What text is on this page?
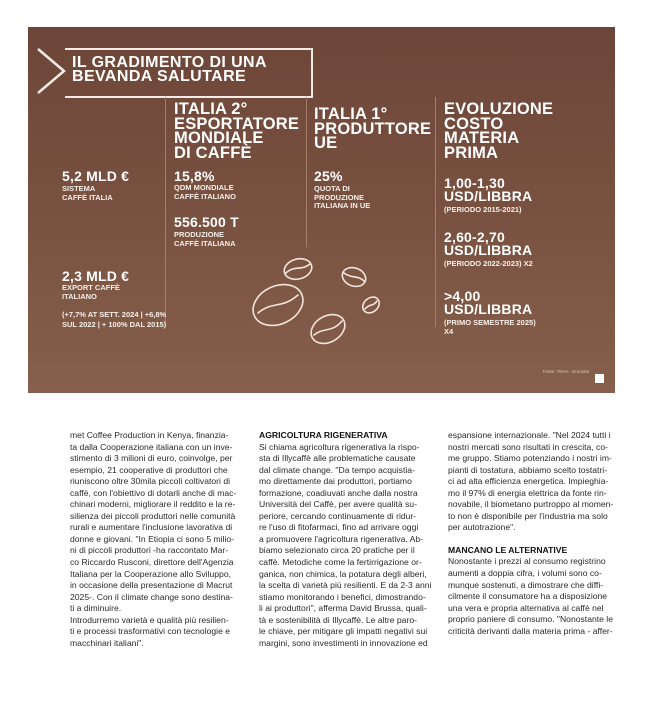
IL GRADIMENTO DI UNA
BEVANDA SALUTARE
5,2 MLD €
SISTEMA
CAFFÈ ITALIA
2,3 MLD €
EXPORT CAFFÈ
ITALIANO
(+7,7% AT SETT. 2024 | +6,8%
SUL 2022 | + 100% DAL 2015)
ITALIA 2°
ESPORTATORE
MONDIALE
DI CAFFÈ
15,8%
QDM MONDIALE
CAFFÈ ITALIANO
556.500 T
PRODUZIONE
CAFFÈ ITALIANA
ITALIA 1°
PRODUTTORE
UE
25%
QUOTA DI
PRODUZIONE
ITALIANA IN UE
EVOLUZIONE
COSTO
MATERIA
PRIMA
1,00-1,30
USD/LIBBRA
(PERIODO 2015-2021)
2,60-2,70
USD/LIBBRA
(PERIODO 2022-2023) X2
>4,00
USD/LIBBRA
(PRIMO SEMESTRE 2025)
X4
Fonte: TEHA - Eurostat

met Coffee Production in Kenya, finanzia-
ta dalla Cooperazione italiana con un inve-
stimento di 3 milioni di euro, coinvolge, per
esempio, 21 cooperative di produttori che
riuniscono oltre 30mila piccoli coltivatori di
caffè, con l'obiettivo di dotarli anche di mac-
chinari moderni, migliorare il reddito e la re-
silienza dei piccoli produttori nelle comunità
rurali e aumentare l'inclusione lavorativa di
donne e giovani. "In Etiopia ci sono 5 milio-
ni di piccoli produttori -ha raccontato Mar-
co Riccardo Rusconi, direttore dell'Agenzia
Italiana per la Cooperazione allo Sviluppo,
in occasione della presentazione di Macrut
2025-. Con il climate change sono destina-
ti a diminuire.
Introdurremo varietà e qualità più resilien-
ti e processi trasformativi con tecnologie e
macchinari italiani".

AGRICOLTURA RIGENERATIVA

Si chiama agricoltura rigenerativa la rispo-
sta di Illycaffè alle problematiche causate
dal climate change. "Da tempo acquistia-
mo direttamente dai produttori, portiamo
formazione, coadiuvati anche dalla nostra
Università del Caffè, per avere qualità su-
periore, cercando continuamente di ridur-
re l'uso di fitofarmaci, fino ad arrivare oggi
a promuovere l'agricoltura rigenerativa. Ab-
biamo selezionato circa 20 pratiche per il
caffè. Metodiche come la fertirrigazione or-
ganica, non chimica, la potatura degli alberi,
la scelta di varietà più resilienti. E da 2-3 anni
stiamo monitorando i benefici, dimostrando-
li ai produttori", afferma David Brussa, quali-
tà e sostenibilità di Illycaffè. Le altre paro-
le chiave, per mitigare gli impatti negativi sui
margini, sono investimenti in innovazione ed

espansione internazionale. "Nel 2024 tutti i
nostri mercati sono risultati in crescita, co-
me gruppo. Stiamo potenziando i nostri im-
pianti di tostatura, abbiamo scelto tostatri-
ci ad alta efficienza energetica. Impieghia-
mo il 97% di energia elettrica da fonte rin-
novabile, il biometano purtroppo al momen-
to non è disponibile per l'industria ma solo
per autotrazione".

MANCANO LE ALTERNATIVE

Nonostante i prezzi al consumo registrino
aumenti a doppia cifra, i volumi sono co-
munque sostenuti, a dimostrare che diffi-
cilmente il consumatore ha a disposizione
una vera e propria alternativa al caffè nel
proprio paniere di consumo. "Nonostante le
criticità derivanti dalla materia prima - affer-
